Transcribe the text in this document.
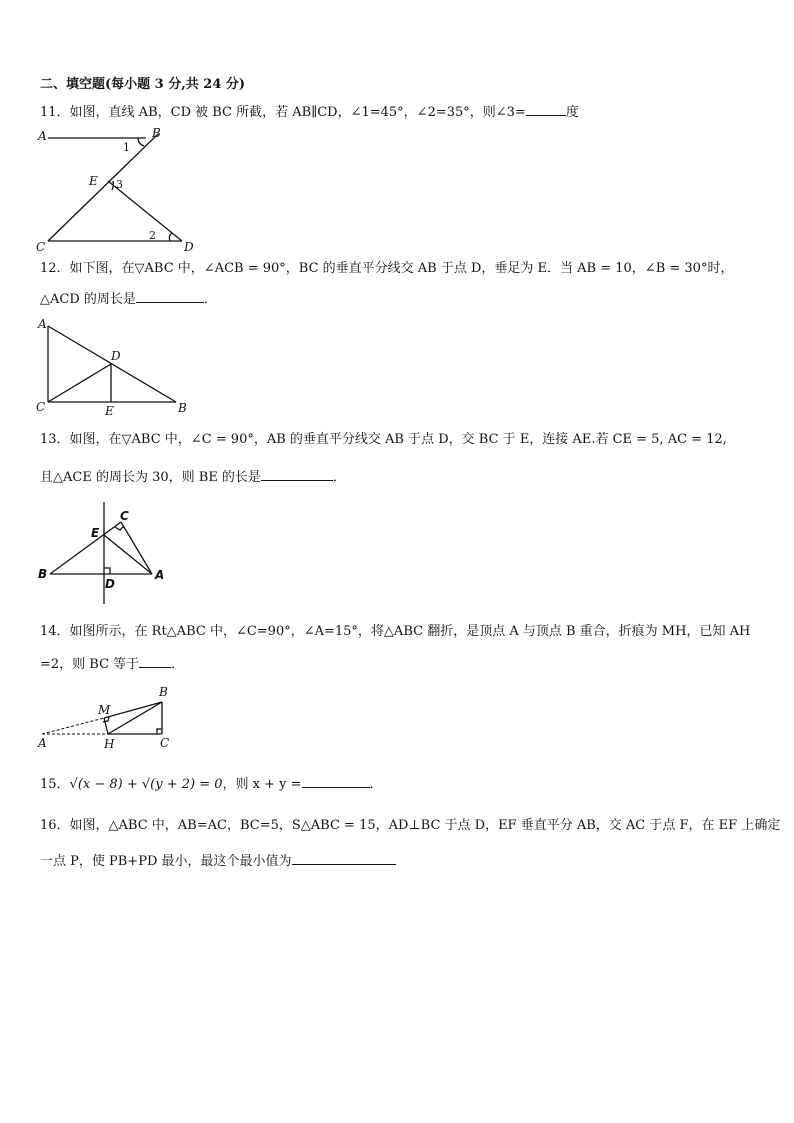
二、填空题(每小题 3 分,共 24 分)
11．如图，直线 AB，CD 被 BC 所截，若 AB∥CD，∠1=45°，∠2=35°，则∠3=	度
A	B
C	D
E
1
3
2
12．如下图，在▽ABC 中，∠ACB = 90°，BC 的垂直平分线交 AB 于点 D，垂足为 E．当 AB = 10，∠B = 30°时，
△ACD 的周长是	．
A
C	B
D
E
13．如图，在▽ABC 中，∠C = 90°，AB 的垂直平分线交 AB 于点 D，交 BC 于 E，连接 AE.若 CE = 5, AC = 12,
且△ACE 的周长为 30，则 BE 的长是	．
B	A
C
E
D
14．如图所示，在 Rt△ABC 中，∠C=90°，∠A=15°，将△ABC 翻折，是顶点 A 与顶点 B 重合，折痕为 MH，已知 AH
=2，则 BC 等于 ．
A
B
C
M
H
15．√(x − 8) + √(y + 2) = 0，则 x + y =	．
16．如图，△ABC 中，AB=AC，BC=5，S△ABC = 15，AD⊥BC 于点 D，EF 垂直平分 AB，交 AC 于点 F，在 EF 上确定
一点 P，使 PB+PD 最小，最这个最小值为
